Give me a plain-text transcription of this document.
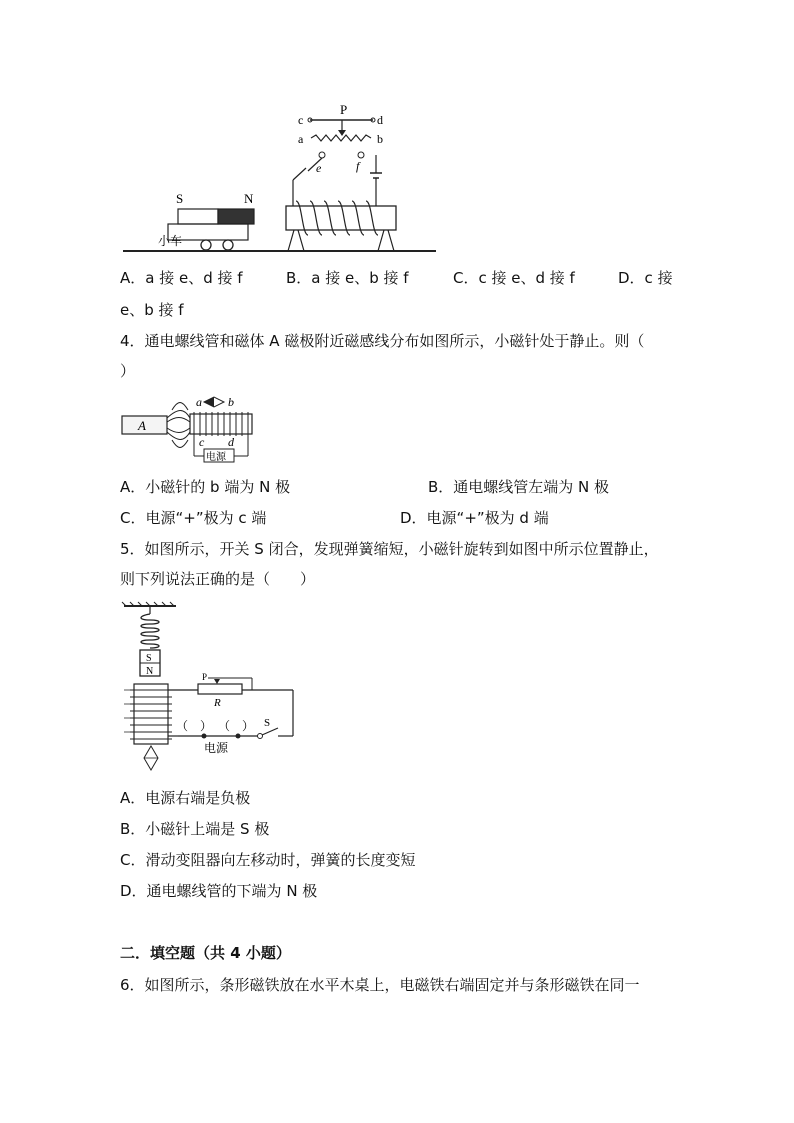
P
c	d
a	b
e	f
S	N
小车
A．a 接 e、d 接 f	B．a 接 e、b 接 f	C．c 接 e、d 接 f	D．c 接
e、b 接 f
4．通电螺线管和磁体 A 磁极附近磁感线分布如图所示，小磁针处于静止。则（
）
A
a b
c d
电源
A．小磁针的 b 端为 N 极	B．通电螺线管左端为 N 极
C．电源“+”极为 c 端	D．电源“+”极为 d 端
5．如图所示，开关 S 闭合，发现弹簧缩短，小磁针旋转到如图中所示位置静止，
则下列说法正确的是（　　）
S
N	P
R
（　） （　） S
电源
A．电源右端是负极
B．小磁针上端是 S 极
C．滑动变阻器向左移动时，弹簧的长度变短
D．通电螺线管的下端为 N 极
二．填空题（共 4 小题）
6．如图所示，条形磁铁放在水平木桌上，电磁铁右端固定并与条形磁铁在同一
